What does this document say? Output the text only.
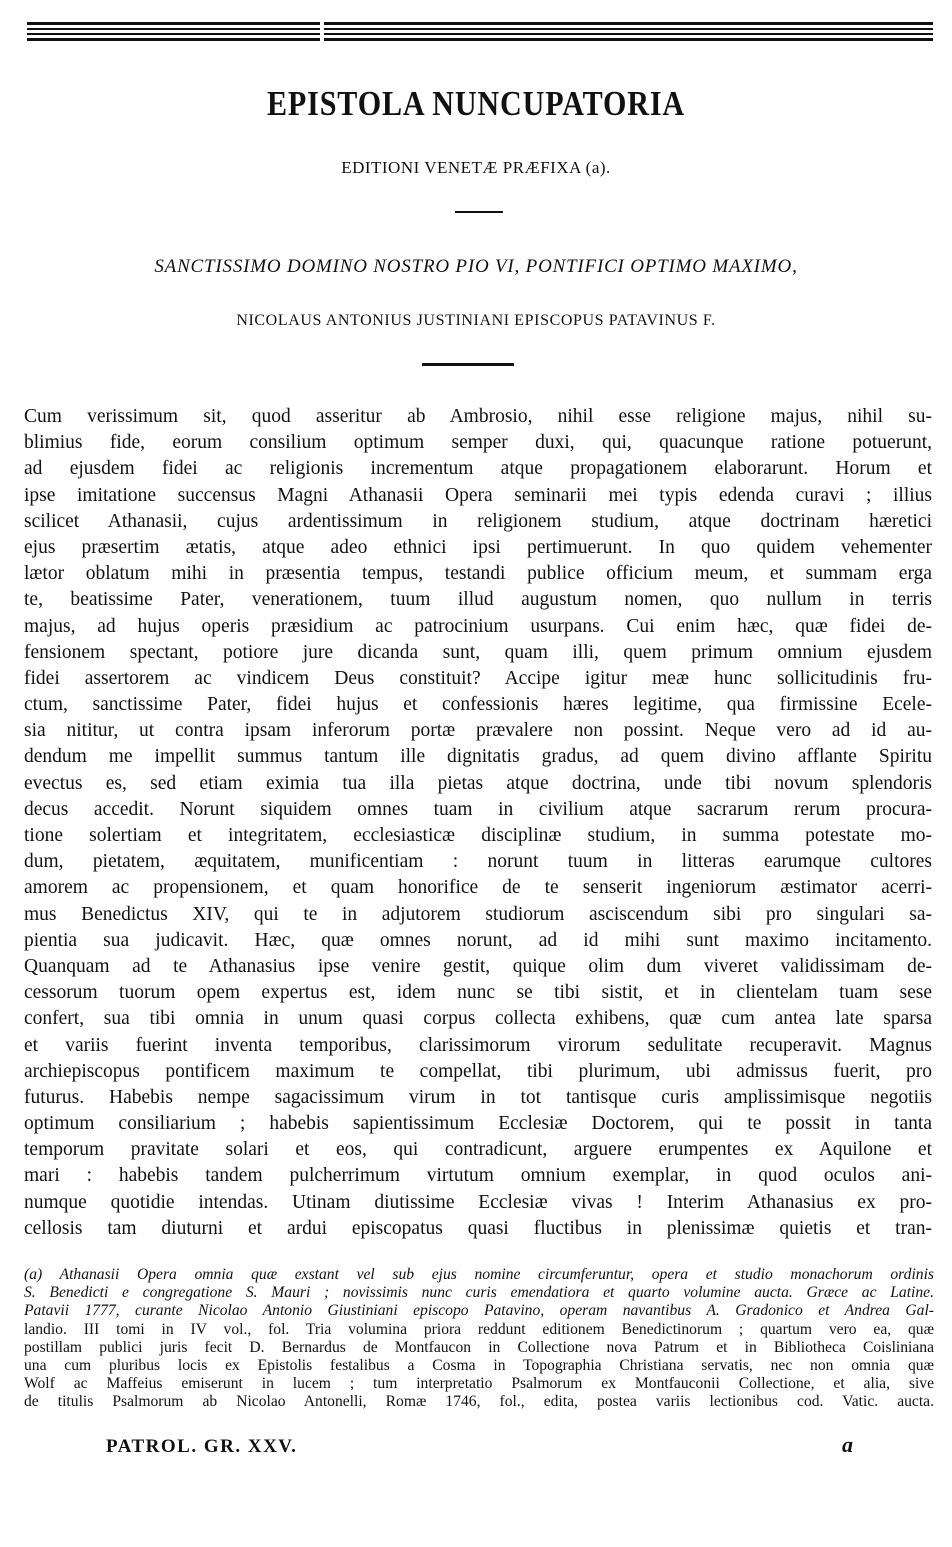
EPISTOLA NUNCUPATORIA
EDITIONI VENETÆ PRÆFIXA (a).
SANCTISSIMO DOMINO NOSTRO PIO VI, PONTIFICI OPTIMO MAXIMO,
NICOLAUS ANTONIUS JUSTINIANI EPISCOPUS PATAVINUS F.
Cum verissimum sit, quod asseritur ab Ambrosio, nihil esse religione majus, nihil su-
blimius fide, eorum consilium optimum semper duxi, qui, quacunque ratione potuerunt,
ad ejusdem fidei ac religionis incrementum atque propagationem elaborarunt. Horum et
ipse imitatione succensus Magni Athanasii Opera seminarii mei typis edenda curavi ; illius
scilicet Athanasii, cujus ardentissimum in religionem studium, atque doctrinam hæretici
ejus præsertim ætatis, atque adeo ethnici ipsi pertimuerunt. In quo quidem vehementer
lætor oblatum mihi in præsentia tempus, testandi publice officium meum, et summam erga
te, beatissime Pater, venerationem, tuum illud augustum nomen, quo nullum in terris
majus, ad hujus operis præsidium ac patrocinium usurpans. Cui enim hæc, quæ fidei de-
fensionem spectant, potiore jure dicanda sunt, quam illi, quem primum omnium ejusdem
fidei assertorem ac vindicem Deus constituit? Accipe igitur meæ hunc sollicitudinis fru-
ctum, sanctissime Pater, fidei hujus et confessionis hæres legitime, qua firmissine Ecele-
sia nititur, ut contra ipsam inferorum portæ prævalere non possint. Neque vero ad id au-
dendum me impellit summus tantum ille dignitatis gradus, ad quem divino afflante Spiritu
evectus es, sed etiam eximia tua illa pietas atque doctrina, unde tibi novum splendoris
decus accedit. Norunt siquidem omnes tuam in civilium atque sacrarum rerum procura-
tione solertiam et integritatem, ecclesiasticæ disciplinæ studium, in summa potestate mo-
dum, pietatem, æquitatem, munificentiam : norunt tuum in litteras earumque cultores
amorem ac propensionem, et quam honorifice de te senserit ingeniorum æstimator acerri-
mus Benedictus XIV, qui te in adjutorem studiorum asciscendum sibi pro singulari sa-
pientia sua judicavit. Hæc, quæ omnes norunt, ad id mihi sunt maximo incitamento.
Quanquam ad te Athanasius ipse venire gestit, quique olim dum viveret validissimam de-
cessorum tuorum opem expertus est, idem nunc se tibi sistit, et in clientelam tuam sese
confert, sua tibi omnia in unum quasi corpus collecta exhibens, quæ cum antea late sparsa
et variis fuerint inventa temporibus, clarissimorum virorum sedulitate recuperavit. Magnus
archiepiscopus pontificem maximum te compellat, tibi plurimum, ubi admissus fuerit, pro
futurus. Habebis nempe sagacissimum virum in tot tantisque curis amplissimisque negotiis
optimum consiliarium ; habebis sapientissimum Ecclesiæ Doctorem, qui te possit in tanta
temporum pravitate solari et eos, qui contradicunt, arguere erumpentes ex Aquilone et
mari : habebis tandem pulcherrimum virtutum omnium exemplar, in quod oculos ani-
numque quotidie intendas. Utinam diutissime Ecclesiæ vivas ! Interim Athanasius ex pro-
cellosis tam diuturni et ardui episcopatus quasi fluctibus in plenissimæ quietis et tran-
(a) Athanasii Opera omnia quæ exstant vel sub ejus nomine circumferuntur, opera et studio monachorum ordinis
S. Benedicti e congregatione S. Mauri ; novissimis nunc curis emendatiora et quarto volumine aucta. Græce ac Latine.
Patavii 1777, curante Nicolao Antonio Giustiniani episcopo Patavino, operam navantibus A. Gradonico et Andrea Gal-
landio. III tomi in IV vol., fol. Tria volumina priora reddunt editionem Benedictinorum ; quartum vero ea, quæ
postillam publici juris fecit D. Bernardus de Montfaucon in Collectione nova Patrum et in Bibliotheca Coisliniana
una cum pluribus locis ex Epistolis festalibus a Cosma in Topographia Christiana servatis, nec non omnia quæ
Wolf ac Maffeius emiserunt in lucem ; tum interpretatio Psalmorum ex Montfauconii Collectione, et alia, sive
de titulis Psalmorum ab Nicolao Antonelli, Romæ 1746, fol., edita, postea variis lectionibus cod. Vatic. aucta.
PATROL. GR. XXV.	a
